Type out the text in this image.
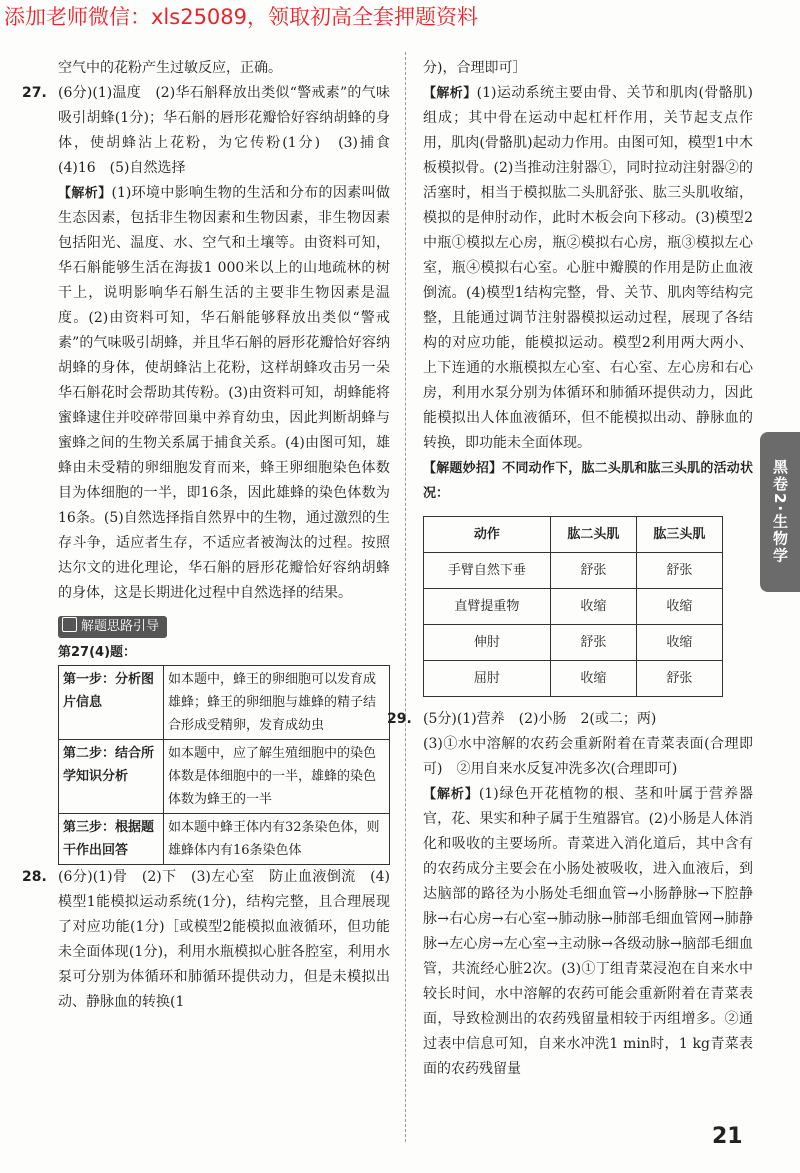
添加老师微信：xls25089，领取初高全套押题资料

空气中的花粉产生过敏反应，正确。

27. (6分)(1)温度　(2)华石斛释放出类似“警戒素”的气味吸引胡蜂(1分)；华石斛的唇形花瓣恰好容纳胡蜂的身体，使胡蜂沾上花粉，为它传粉(1分)　(3)捕食　(4)16　(5)自然选择

【解析】(1)环境中影响生物的生活和分布的因素叫做生态因素，包括非生物因素和生物因素，非生物因素包括阳光、温度、水、空气和土壤等。由资料可知，华石斛能够生活在海拔1 000米以上的山地疏林的树干上，说明影响华石斛生活的主要非生物因素是温度。(2)由资料可知，华石斛能够释放出类似“警戒素”的气味吸引胡蜂，并且华石斛的唇形花瓣恰好容纳胡蜂的身体，使胡蜂沾上花粉，这样胡蜂攻击另一朵华石斛花时会帮助其传粉。(3)由资料可知，胡蜂能将蜜蜂逮住并咬碎带回巢中养育幼虫，因此判断胡蜂与蜜蜂之间的生物关系属于捕食关系。(4)由图可知，雄蜂由未受精的卵细胞发育而来，蜂王卵细胞染色体数目为体细胞的一半，即16条，因此雄蜂的染色体数为16条。(5)自然选择指自然界中的生物，通过激烈的生存斗争，适应者生存，不适应者被淘汰的过程。按照达尔文的进化理论，华石斛的唇形花瓣恰好容纳胡蜂的身体，这是长期进化过程中自然选择的结果。

解题思路引导

第27(4)题：

第一步：分析图片信息	如本题中，蜂王的卵细胞可以发育成雄蜂；蜂王的卵细胞与雄蜂的精子结合形成受精卵，发育成幼虫
第二步：结合所学知识分析	如本题中，应了解生殖细胞中的染色体数是体细胞中的一半，雄蜂的染色体数为蜂王的一半
第三步：根据题干作出回答	如本题中蜂王体内有32条染色体，则雄蜂体内有16条染色体
28. (6分)(1)骨　(2)下　(3)左心室　防止血液倒流　(4)模型1能模拟运动系统(1分)，结构完整，且合理展现了对应功能(1分)［或模型2能模拟血液循环，但功能未全面体现(1分)，利用水瓶模拟心脏各腔室，利用水泵可分别为体循环和肺循环提供动力，但是未模拟出动、静脉血的转换(1

分)，合理即可］

【解析】(1)运动系统主要由骨、关节和肌肉(骨骼肌)组成；其中骨在运动中起杠杆作用，关节起支点作用，肌肉(骨骼肌)起动力作用。由图可知，模型1中木板模拟骨。(2)当推动注射器①，同时拉动注射器②的活塞时，相当于模拟肱二头肌舒张、肱三头肌收缩，模拟的是伸肘动作，此时木板会向下移动。(3)模型2中瓶①模拟左心房，瓶②模拟右心房，瓶③模拟左心室，瓶④模拟右心室。心脏中瓣膜的作用是防止血液倒流。(4)模型1结构完整，骨、关节、肌肉等结构完整，且能通过调节注射器模拟运动过程，展现了各结构的对应功能，能模拟运动。模型2利用两大两小、上下连通的水瓶模拟左心室、右心室、左心房和右心房，利用水泵分别为体循环和肺循环提供动力，因此能模拟出人体血液循环，但不能模拟出动、静脉血的转换，即功能未全面体现。

【解题妙招】不同动作下，肱二头肌和肱三头肌的活动状况：

动作	肱二头肌	肱三头肌
手臂自然下垂	舒张	舒张
直臂提重物	收缩	收缩
伸肘	舒张	收缩
屈肘	收缩	舒张
29. (5分)(1)营养　(2)小肠　2(或二；两)

(3)①水中溶解的农药会重新附着在青菜表面(合理即可)　②用自来水反复冲洗多次(合理即可)

【解析】(1)绿色开花植物的根、茎和叶属于营养器官，花、果实和种子属于生殖器官。(2)小肠是人体消化和吸收的主要场所。青菜进入消化道后，其中含有的农药成分主要会在小肠处被吸收，进入血液后，到达脑部的路径为小肠处毛细血管→小肠静脉→下腔静脉→右心房→右心室→肺动脉→肺部毛细血管网→肺静脉→左心房→左心室→主动脉→各级动脉→脑部毛细血管，共流经心脏2次。(3)①丁组青菜浸泡在自来水中较长时间，水中溶解的农药可能会重新附着在青菜表面，导致检测出的农药残留量相较于丙组增多。②通过表中信息可知，自来水冲洗1 min时，1 kg青菜表面的农药残留量

黑卷2·生物学
21
